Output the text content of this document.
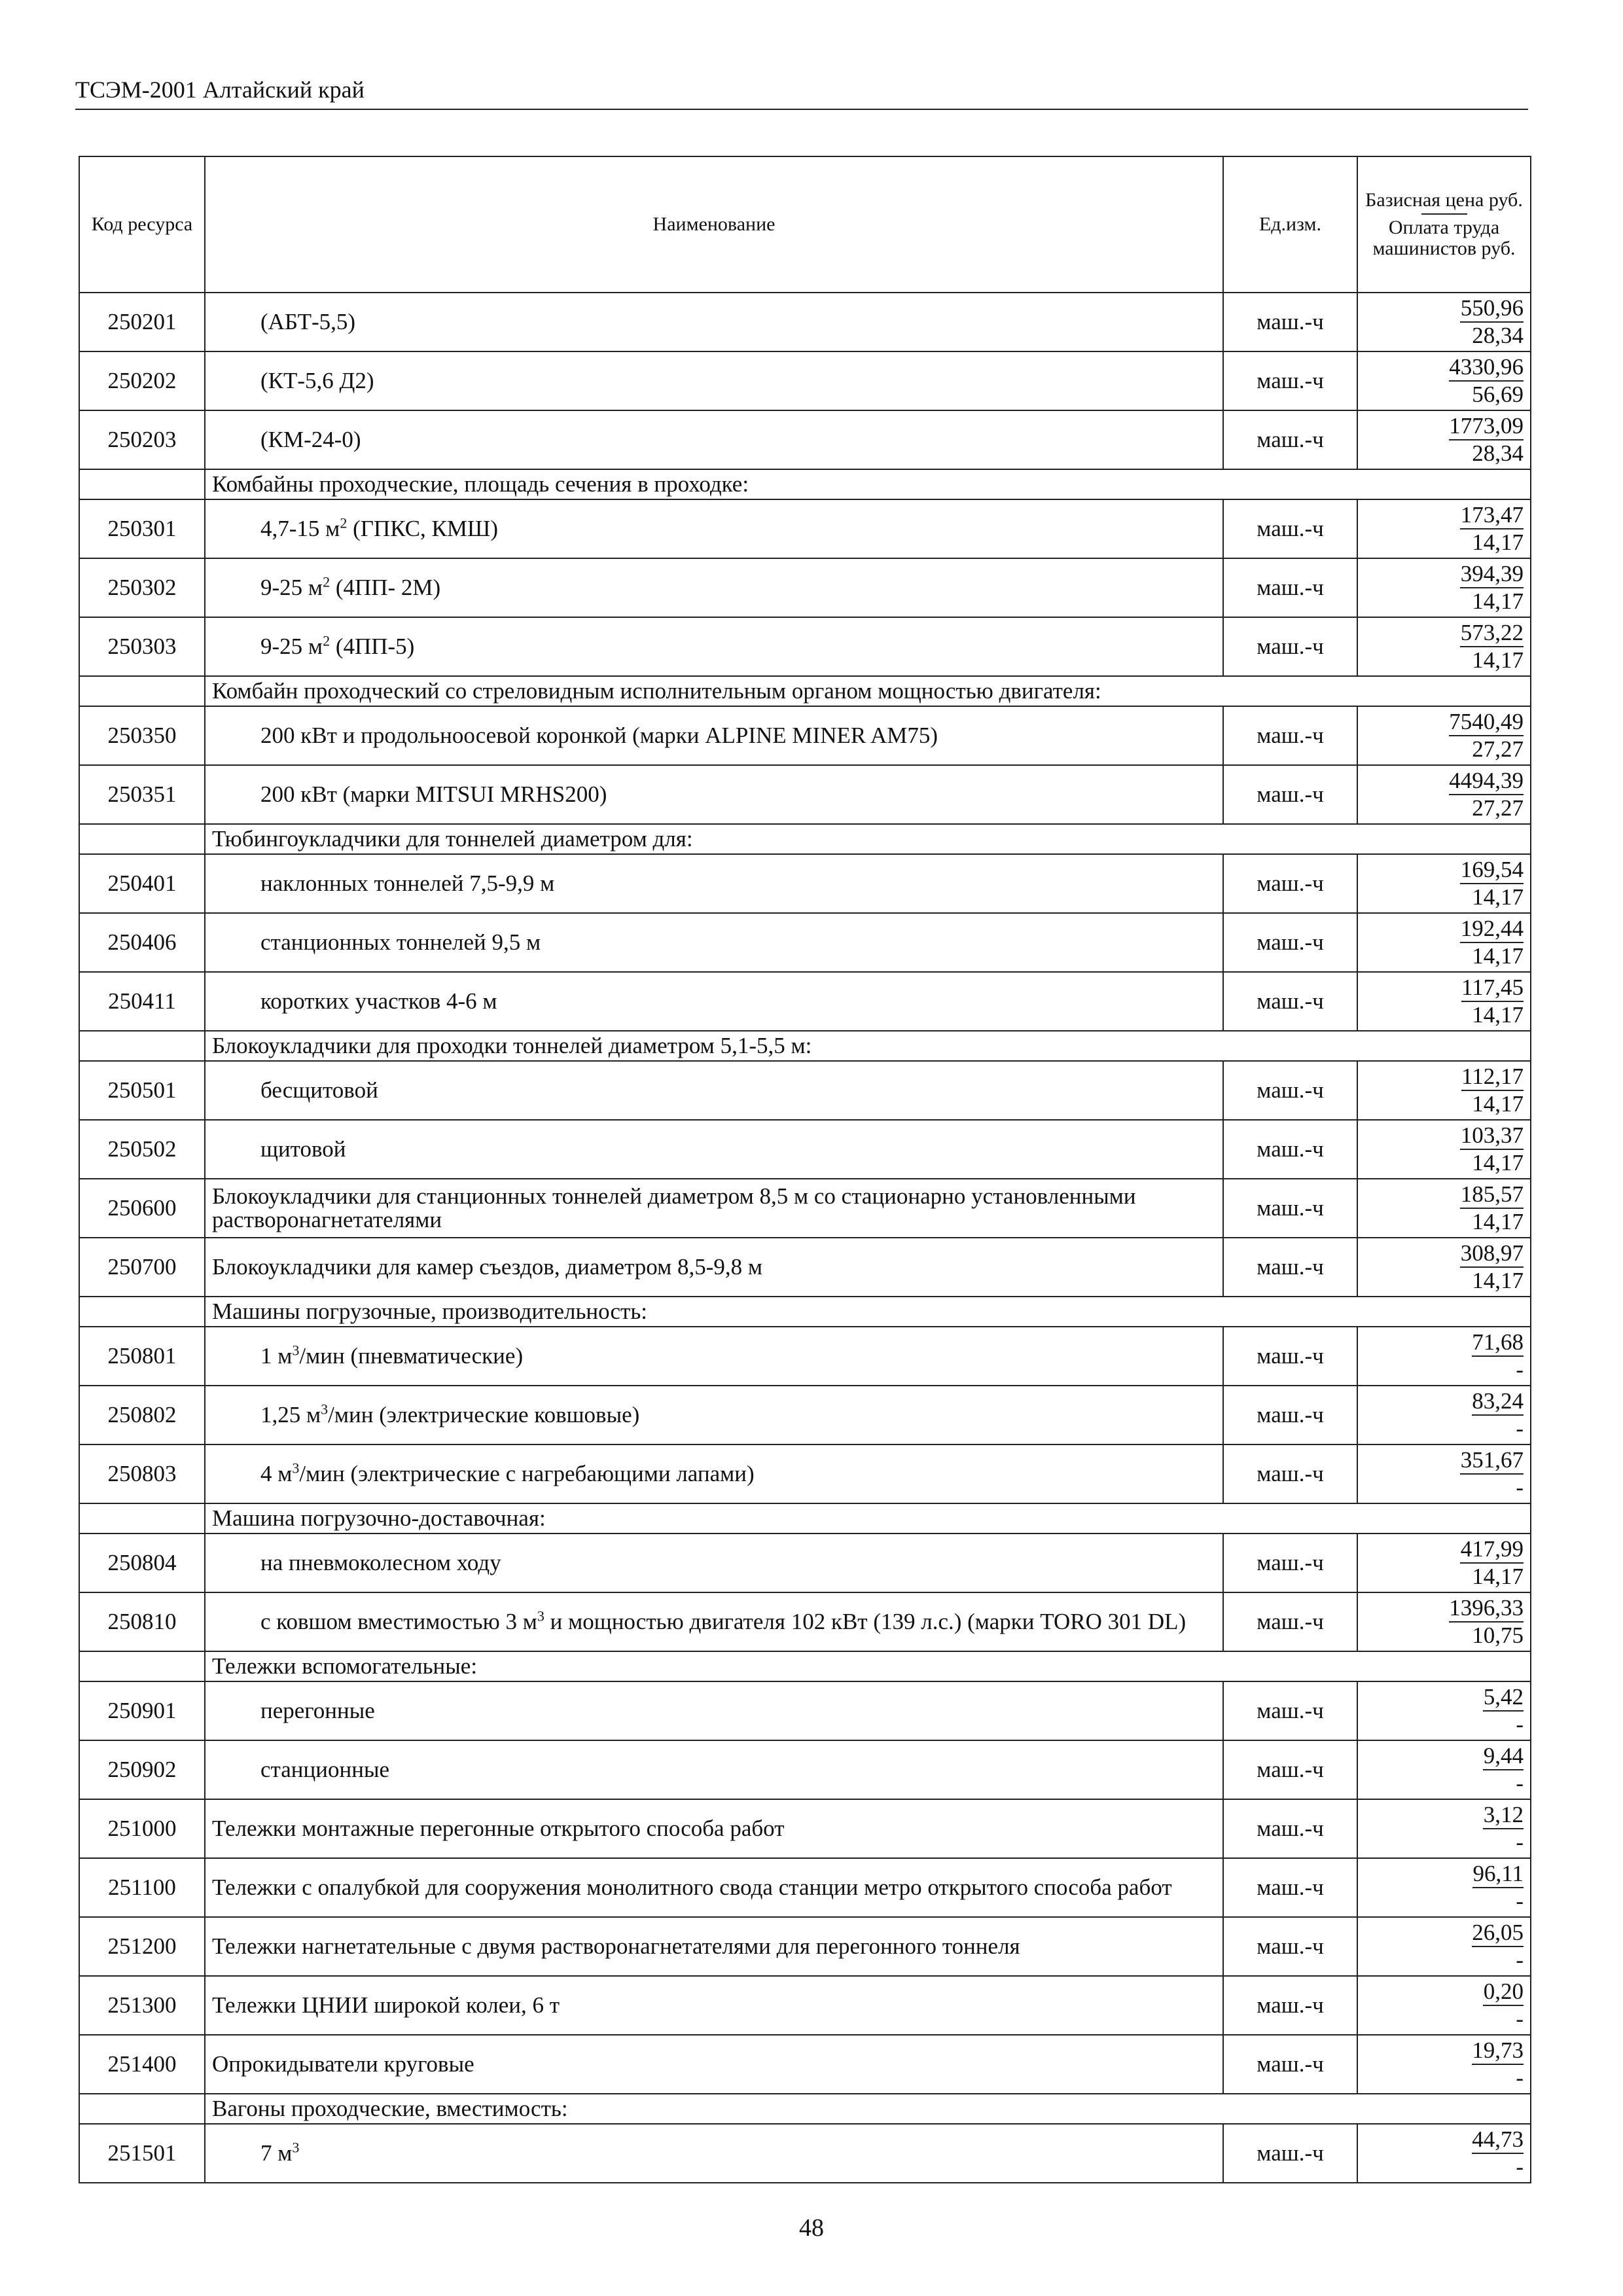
ТСЭМ-2001 Алтайский край
Код ресурса	Наименование	Ед.изм.	Базисная цена руб.
Оплата труда машинистов руб.
250201	(АБТ-5,5)	маш.-ч	$\frac{550,96}{28,34}$

250202	(КТ-5,6 Д2)	маш.-ч	$\frac{4330,96}{56,69}$

250203	(КМ-24-0)	маш.-ч	$\frac{1773,09}{28,34}$

	Комбайны проходческие, площадь сечения в проходке:		
250301	4,7-15 $м^2$ (ГПКС, КМШ)	маш.-ч	$\frac{173,47}{14,17}$

250302	9-25 $м^2$ (4ПП- 2М)	маш.-ч	$\frac{394,39}{14,17}$

250303	9-25 $м^2$ (4ПП-5)	маш.-ч	$\frac{573,22}{14,17}$

	Комбайн проходческий со стреловидным исполнительным органом мощностью двигателя:		
250350	200 кВт и продольноосевой коронкой (марки ALPINE MINER AM75)	маш.-ч	$\frac{7540,49}{27,27}$

250351	200 кВт (марки MITSUI MRHS200)	маш.-ч	$\frac{4494,39}{27,27}$

	Тюбингоукладчики для тоннелей диаметром для:		
250401	наклонных тоннелей 7,5-9,9 м	маш.-ч	$\frac{169,54}{14,17}$

250406	станционных тоннелей 9,5 м	маш.-ч	$\frac{192,44}{14,17}$

250411	коротких участков 4-6 м	маш.-ч	$\frac{117,45}{14,17}$

	Блокоукладчики для проходки тоннелей диаметром 5,1-5,5 м:		
250501	бесщитовой	маш.-ч	$\frac{112,17}{14,17}$

250502	щитовой	маш.-ч	$\frac{103,37}{14,17}$

250600	Блокоукладчики для станционных тоннелей диаметром 8,5 м со стационарно установленными растворонагнетателями	маш.-ч	$\frac{185,57}{14,17}$

250700	Блокоукладчики для камер съездов, диаметром 8,5-9,8 м	маш.-ч	$\frac{308,97}{14,17}$

	Машины погрузочные, производительность:		
250801	1 $м^3$/мин (пневматические)	маш.-ч	71,68
-

250802	1,25 $м^3$/мин (электрические ковшовые)	маш.-ч	83,24
-

250803	4 $м^3$/мин (электрические с нагребающими лапами)	маш.-ч	351,67
-

	Машина погрузочно-доставочная:		
250804	на пневмоколесном ходу	маш.-ч	$\frac{417,99}{14,17}$

250810	с ковшом вместимостью 3 $м^3$ и мощностью двигателя 102 кВт (139 л.с.) (марки TORO 301 DL)	маш.-ч	$\frac{1396,33}{10,75}$

	Тележки вспомогательные:		
250901	перегонные	маш.-ч	5,42
-

250902	станционные	маш.-ч	9,44
-

251000	Тележки монтажные перегонные открытого способа работ	маш.-ч	3,12
-

251100	Тележки с опалубкой для сооружения монолитного свода станции метро открытого способа работ	маш.-ч	96,11
-

251200	Тележки нагнетательные с двумя растворонагнетателями для перегонного тоннеля	маш.-ч	26,05
-

251300	Тележки ЦНИИ широкой колеи, 6 т	маш.-ч	0,20
-

251400	Опрокидыватели круговые	маш.-ч	19,73
-

	Вагоны проходческие, вместимость:		
251501	7 $м^3$	маш.-ч	44,73
-
48
